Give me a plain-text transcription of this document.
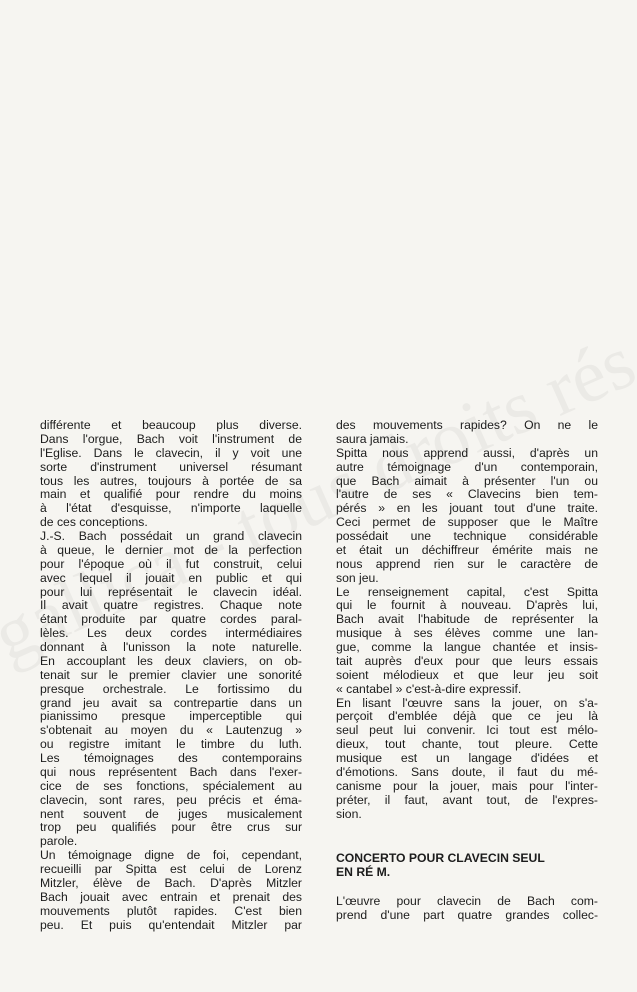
différente et beaucoup plus diverse.
Dans l'orgue, Bach voit l'instrument de
l'Eglise. Dans le clavecin, il y voit une
sorte d'instrument universel résumant
tous les autres, toujours à portée de sa
main et qualifié pour rendre du moins
à l'état d'esquisse, n'importe laquelle
de ces conceptions.
J.-S. Bach possédait un grand clavecin
à queue, le dernier mot de la perfection
pour l'époque où il fut construit, celui
avec lequel il jouait en public et qui
pour lui représentait le clavecin idéal.
Il avait quatre registres. Chaque note
étant produite par quatre cordes paral-
lèles. Les deux cordes intermédiaires
donnant à l'unisson la note naturelle.
En accouplant les deux claviers, on ob-
tenait sur le premier clavier une sonorité
presque orchestrale. Le fortissimo du
grand jeu avait sa contrepartie dans un
pianissimo presque imperceptible qui
s'obtenait au moyen du « Lautenzug »
ou registre imitant le timbre du luth.
Les témoignages des contemporains
qui nous représentent Bach dans l'exer-
cice de ses fonctions, spécialement au
clavecin, sont rares, peu précis et éma-
nent souvent de juges musicalement
trop peu qualifiés pour être crus sur
parole.
Un témoignage digne de foi, cependant,
recueilli par Spitta est celui de Lorenz
Mitzler, élève de Bach. D'après Mitzler
Bach jouait avec entrain et prenait des
mouvements plutôt rapides. C'est bien
peu. Et puis qu'entendait Mitzler par
des mouvements rapides? On ne le
saura jamais.
Spitta nous apprend aussi, d'après un
autre témoignage d'un contemporain,
que Bach aimait à présenter l'un ou
l'autre de ses « Clavecins bien tem-
pérés » en les jouant tout d'une traite.
Ceci permet de supposer que le Maître
possédait une technique considérable
et était un déchiffreur émérite mais ne
nous apprend rien sur le caractère de
son jeu.
Le renseignement capital, c'est Spitta
qui le fournit à nouveau. D'après lui,
Bach avait l'habitude de représenter la
musique à ses élèves comme une lan-
gue, comme la langue chantée et insis-
tait auprès d'eux pour que leurs essais
soient mélodieux et que leur jeu soit
« cantabel » c'est-à-dire expressif.
En lisant l'œuvre sans la jouer, on s'a-
perçoit d'emblée déjà que ce jeu là
seul peut lui convenir. Ici tout est mélo-
dieux, tout chante, tout pleure. Cette
musique est un langage d'idées et
d'émotions. Sans doute, il faut du mé-
canisme pour la jouer, mais pour l'inter-
préter, il faut, avant tout, de l'expres-
sion.
CONCERTO POUR CLAVECIN SEUL
EN RÉ M.
L'œuvre pour clavecin de Bach com-
prend d'une part quatre grandes collec-
